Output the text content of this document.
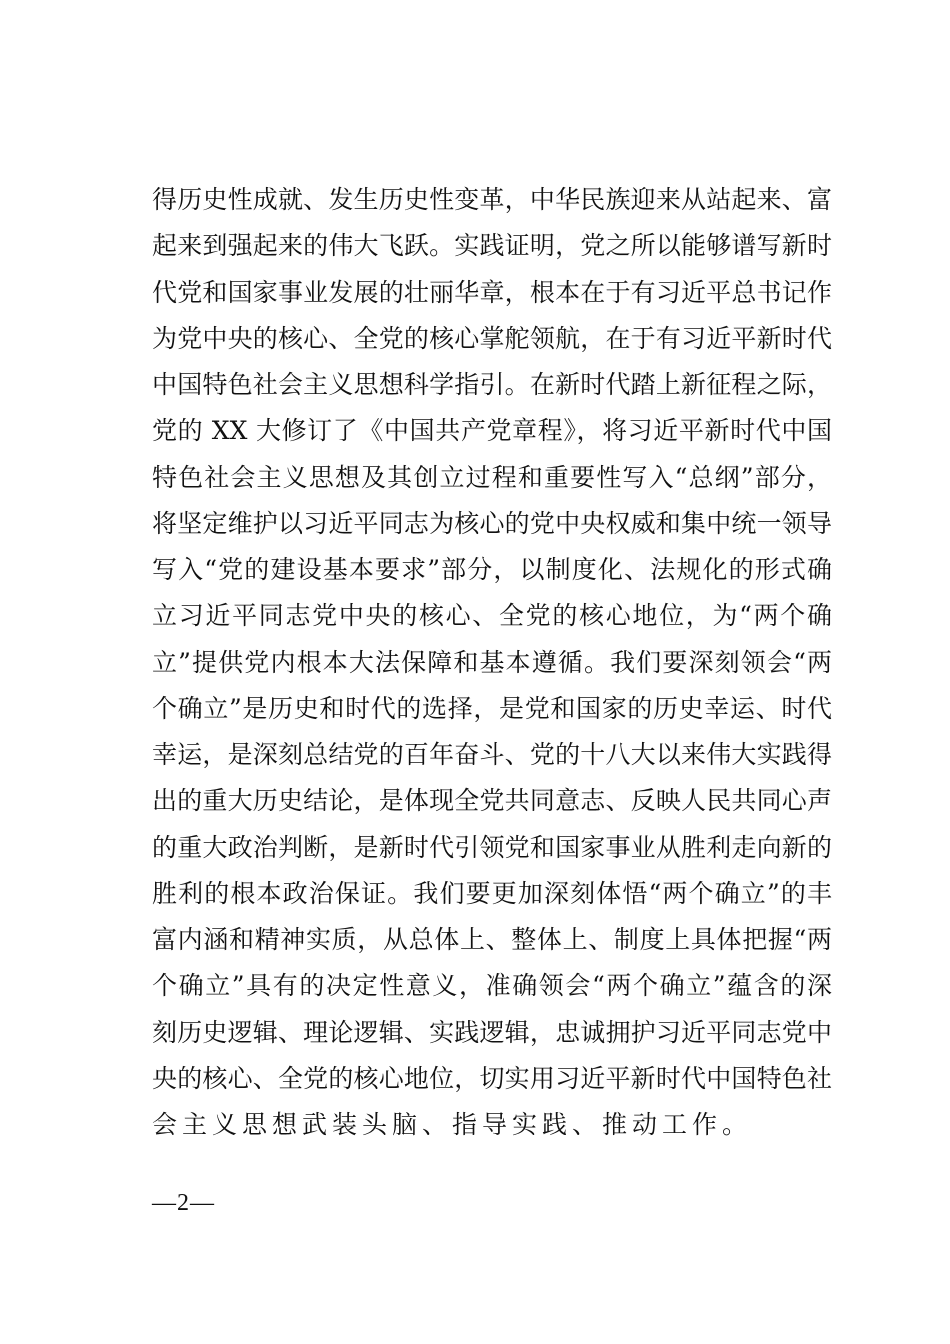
得历史性成就、发生历史性变革，中华民族迎来从站起来、富
起来到强起来的伟大飞跃。实践证明，党之所以能够谱写新时
代党和国家事业发展的壮丽华章，根本在于有习近平总书记作
为党中央的核心、全党的核心掌舵领航，在于有习近平新时代
中国特色社会主义思想科学指引。在新时代踏上新征程之际，
党的 XX 大修订了《中国共产党章程》，将习近平新时代中国
特色社会主义思想及其创立过程和重要性写入“总纲”部分，
将坚定维护以习近平同志为核心的党中央权威和集中统一领导
写入“党的建设基本要求”部分，以制度化、法规化的形式确
立习近平同志党中央的核心、全党的核心地位，为“两个确
立”提供党内根本大法保障和基本遵循。我们要深刻领会“两
个确立”是历史和时代的选择，是党和国家的历史幸运、时代
幸运，是深刻总结党的百年奋斗、党的十八大以来伟大实践得
出的重大历史结论，是体现全党共同意志、反映人民共同心声
的重大政治判断，是新时代引领党和国家事业从胜利走向新的
胜利的根本政治保证。我们要更加深刻体悟“两个确立”的丰
富内涵和精神实质，从总体上、整体上、制度上具体把握“两
个确立”具有的决定性意义，准确领会“两个确立”蕴含的深
刻历史逻辑、理论逻辑、实践逻辑，忠诚拥护习近平同志党中
央的核心、全党的核心地位，切实用习近平新时代中国特色社
会主义思想武装头脑、指导实践、推动工作。
—2—
